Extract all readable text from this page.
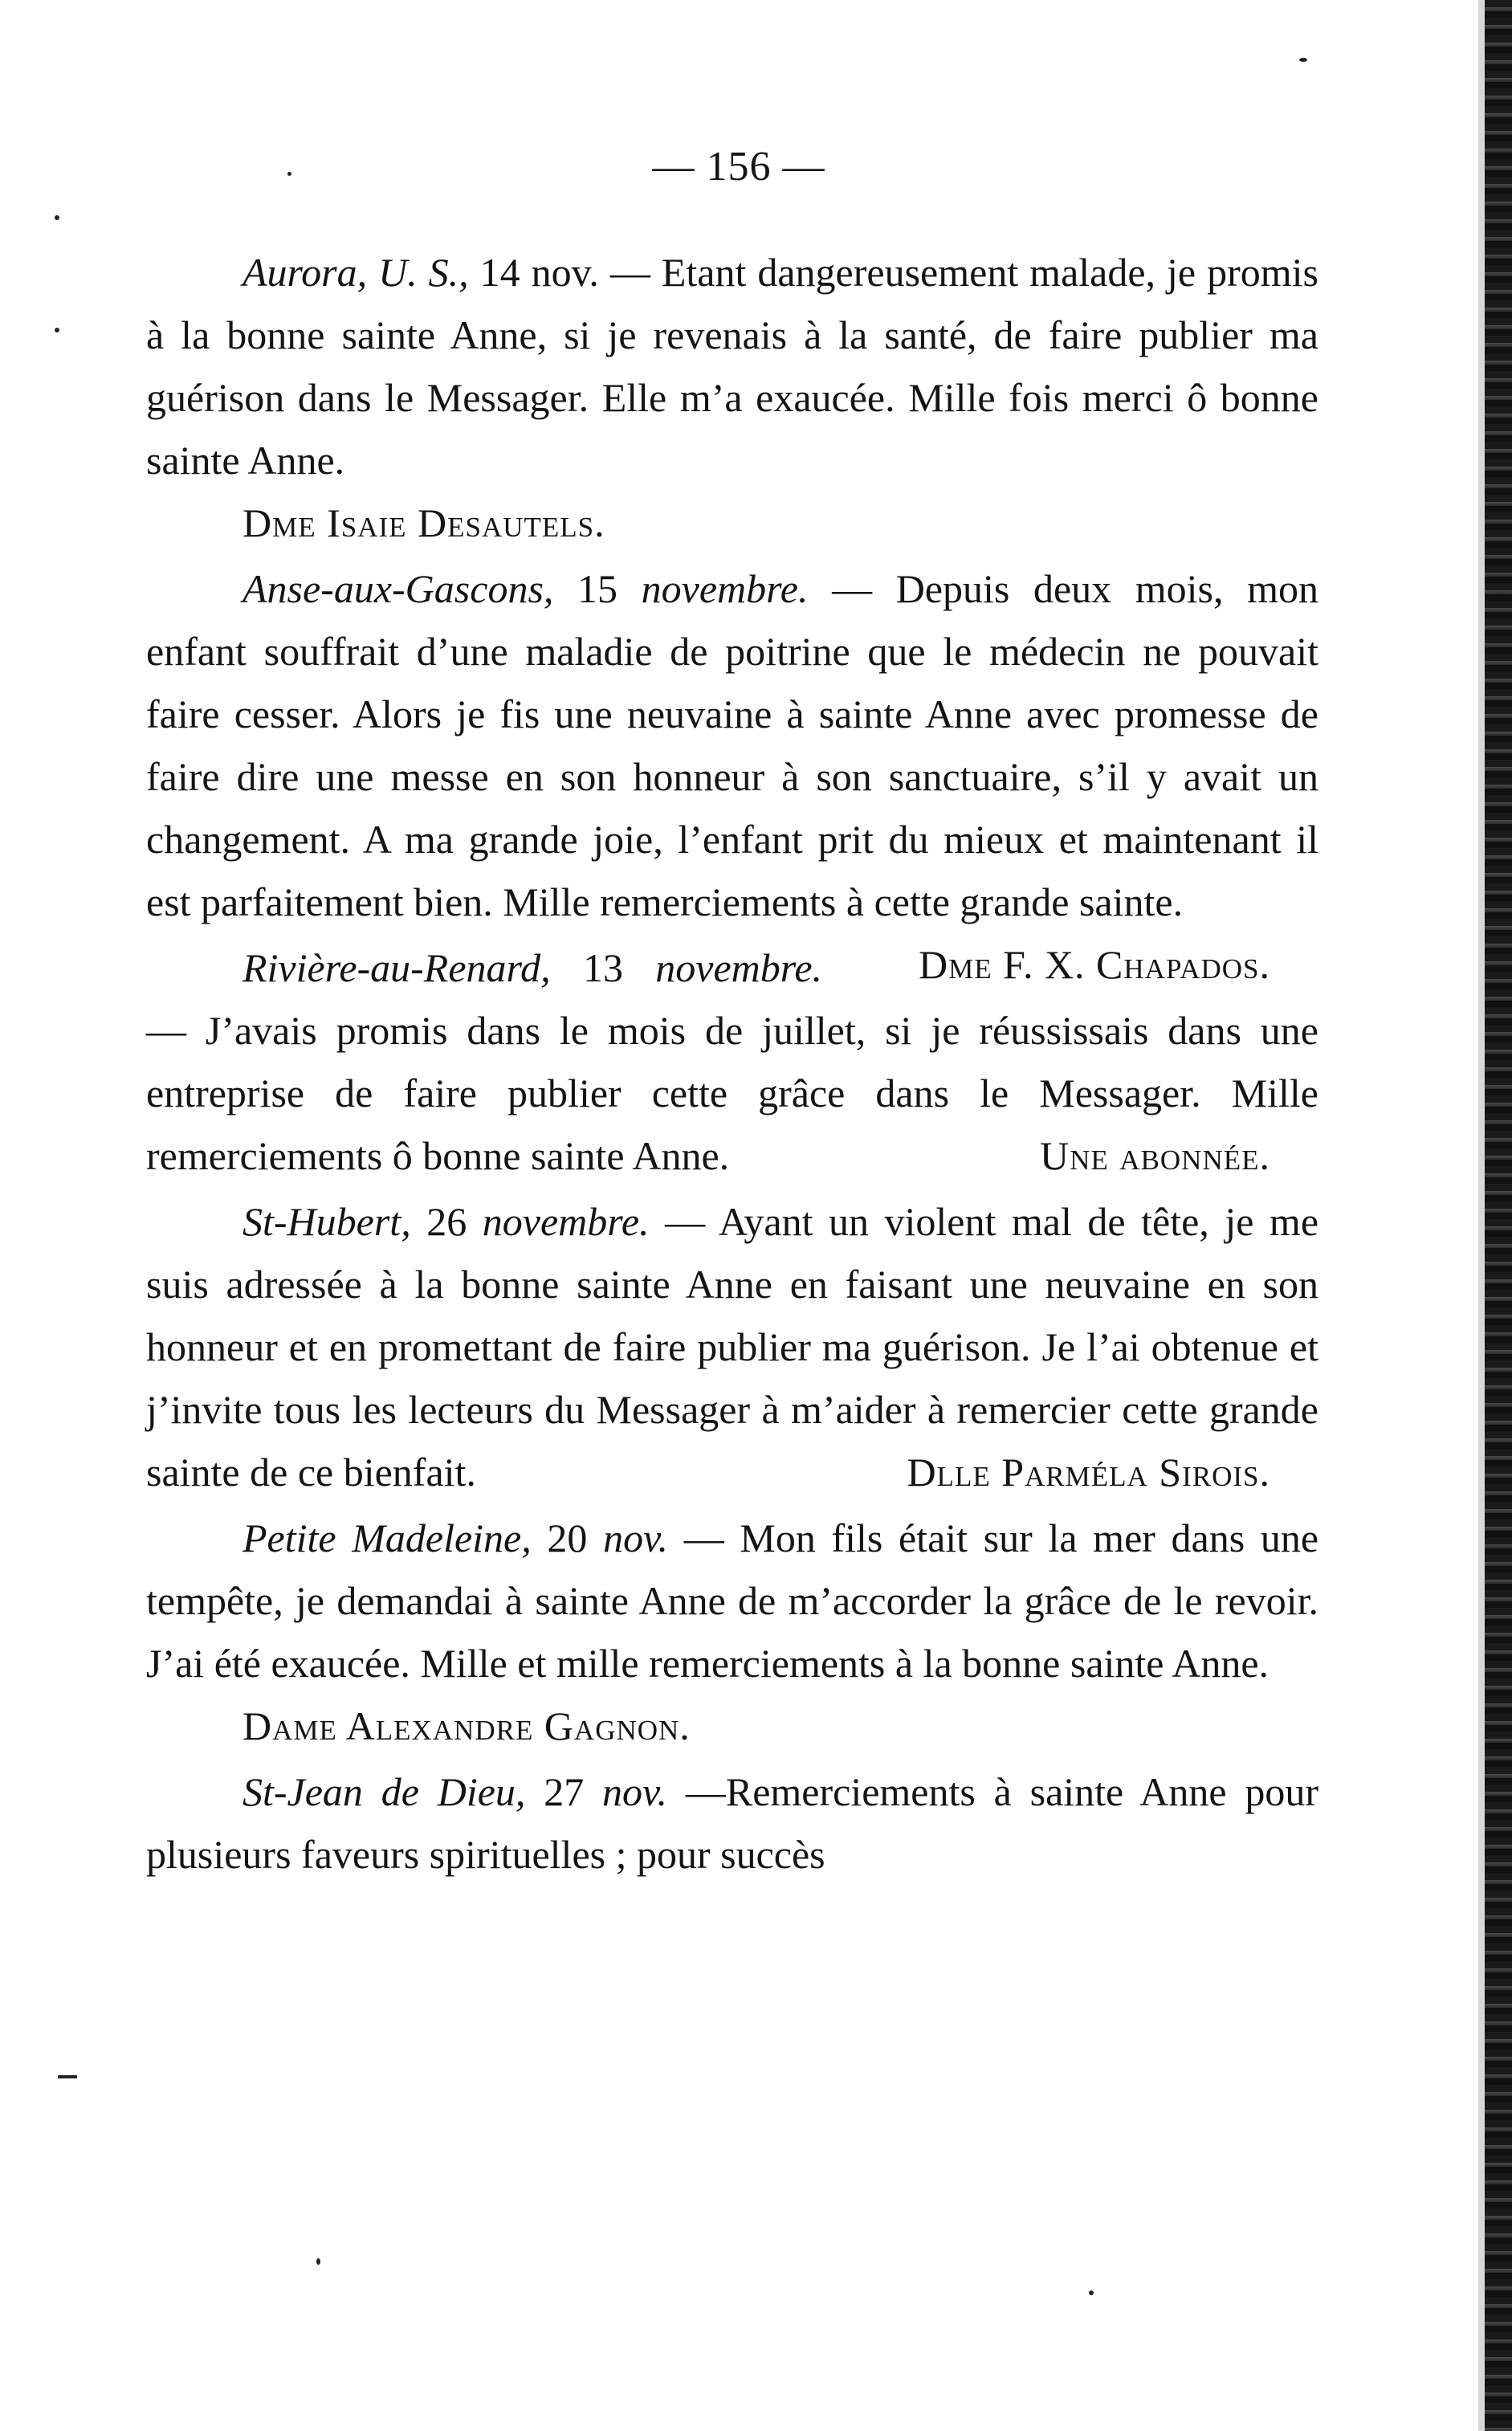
— 156 —

Aurora, U. S., 14 nov. — Etant dangereusement malade, je promis à la bonne sainte Anne, si je revenais à la santé, de faire publier ma guérison dans le Messager. Elle m’a exaucée. Mille fois merci ô bonne sainte Anne.

Dme Isaie Desautels.

Anse-aux-Gascons, 15 novembre. — Depuis deux mois, mon enfant souffrait d’une maladie de poitrine que le médecin ne pouvait faire cesser. Alors je fis une neuvaine à sainte Anne avec promesse de faire dire une messe en son honneur à son sanctuaire, s’il y avait un changement. A ma grande joie, l’enfant prit du mieux et maintenant il est parfaitement bien. Mille remerciements à cette grande sainte.
Dme F. X. Chapados.

Rivière-au-Renard, 13 novembre. — J’avais promis dans le mois de juillet, si je réussissais dans une entreprise de faire publier cette grâce dans le Messager. Mille remerciements ô bonne sainte Anne.	Une abonnée.

St-Hubert, 26 novembre. — Ayant un violent mal de tête, je me suis adressée à la bonne sainte Anne en faisant une neuvaine en son honneur et en promettant de faire publier ma guérison. Je l’ai obtenue et j’invite tous les lecteurs du Messager à m’aider à remercier cette grande sainte de ce bienfait.	Dlle Parméla Sirois.

Petite Madeleine, 20 nov. — Mon fils était sur la mer dans une tempête, je demandai à sainte Anne de m’accorder la grâce de le revoir. J’ai été exaucée. Mille et mille remerciements à la bonne sainte Anne.

Dame Alexandre Gagnon.

St-Jean de Dieu, 27 nov. —Remerciements à sainte Anne pour plusieurs faveurs spirituelles ; pour succès
